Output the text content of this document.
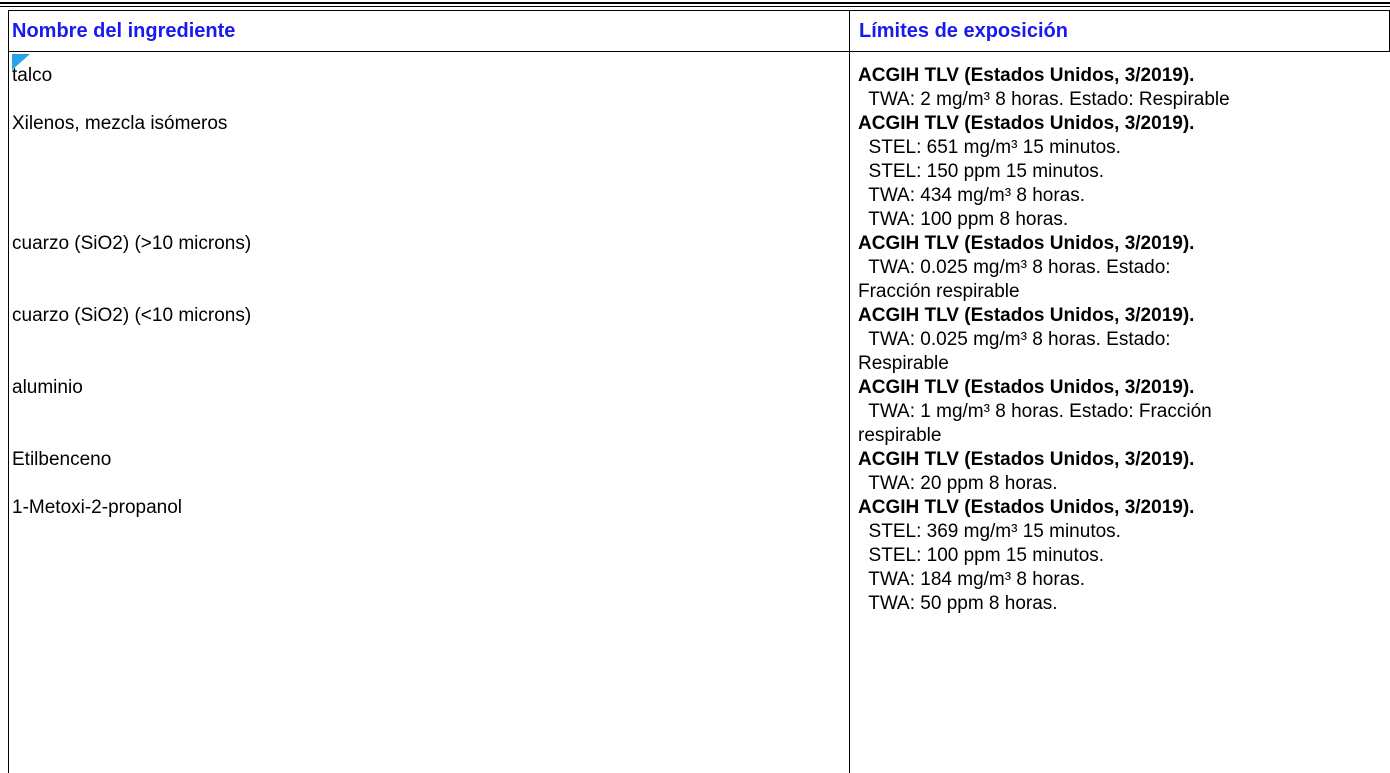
Nombre del ingrediente	Límites de exposición
talco	ACGIH TLV (Estados Unidos, 3/2019).
TWA: 2 mg/m³ 8 horas. Estado: Respirable
Xilenos, mezcla isómeros	ACGIH TLV (Estados Unidos, 3/2019).
STEL: 651 mg/m³ 15 minutos.
STEL: 150 ppm 15 minutos.
TWA: 434 mg/m³ 8 horas.
TWA: 100 ppm 8 horas.
cuarzo (SiO2) (>10 microns)	ACGIH TLV (Estados Unidos, 3/2019).
TWA: 0.025 mg/m³ 8 horas. Estado:
Fracción respirable
cuarzo (SiO2) (<10 microns)	ACGIH TLV (Estados Unidos, 3/2019).
TWA: 0.025 mg/m³ 8 horas. Estado:
Respirable
aluminio	ACGIH TLV (Estados Unidos, 3/2019).
TWA: 1 mg/m³ 8 horas. Estado: Fracción
respirable
Etilbenceno	ACGIH TLV (Estados Unidos, 3/2019).
TWA: 20 ppm 8 horas.
1-Metoxi-2-propanol	ACGIH TLV (Estados Unidos, 3/2019).
STEL: 369 mg/m³ 15 minutos.
STEL: 100 ppm 15 minutos.
TWA: 184 mg/m³ 8 horas.
TWA: 50 ppm 8 horas.
